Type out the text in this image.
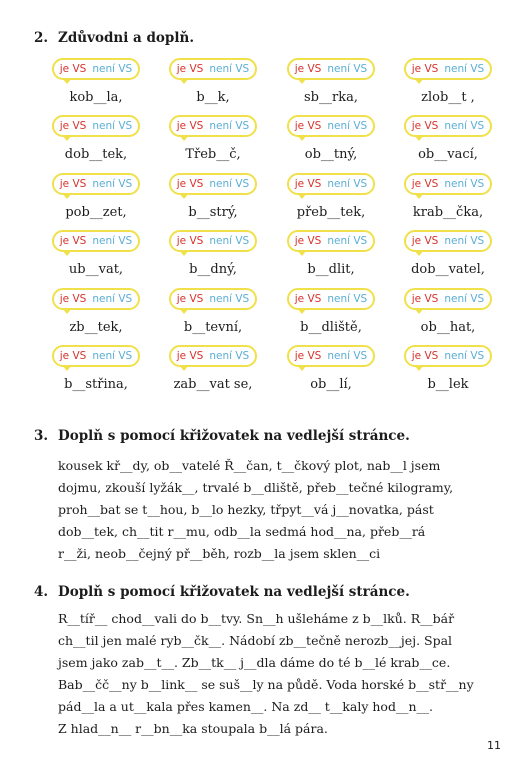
2. Zdůvodni a doplň.
je VS není VS
kob__la,
je VS není VS
b__k,
je VS není VS
sb__rka,
je VS není VS
zlob__t ,
je VS není VS
dob__tek,
je VS není VS
Třeb__č,
je VS není VS
ob__tný,
je VS není VS
ob__vací,
je VS není VS
pob__zet,
je VS není VS
b__strý,
je VS není VS
přeb__tek,
je VS není VS
krab__čka,
je VS není VS
ub__vat,
je VS není VS
b__dný,
je VS není VS
b__dlit,
je VS není VS
dob__vatel,
je VS není VS
zb__tek,
je VS není VS
b__tevní,
je VS není VS
b__dliště,
je VS není VS
ob__hat,
je VS není VS
b__střina,
je VS není VS
zab__vat se,
je VS není VS
ob__lí,
je VS není VS
b__lek
3. Doplň s pomocí křižovatek na vedlejší stránce.
kousek kř__dy, ob__vatelé Ř__čan, t__čkový plot, nab__l jsem
dojmu, zkouší lyžák__, trvalé b__dliště, přeb__tečné kilogramy,
proh__bat se t__hou, b__lo hezky, třpyt__vá j__novatka, pást
dob__tek, ch__tit r__mu, odb__la sedmá hod__na, přeb__rá
r__ži, neob__čejný př__běh, rozb__la jsem sklen__ci
4. Doplň s pomocí křižovatek na vedlejší stránce.
R__tíř__ chod__vali do b__tvy. Sn__h ušleháme z b__lků. R__bář
ch__til jen malé ryb__čk__. Nádobí zb__tečně nerozb__jej. Spal
jsem jako zab__t__. Zb__tk__ j__dla dáme do té b__lé krab__ce.
Bab__čč__ny b__link__ se suš__ly na půdě. Voda horské b__stř__ny
pád__la a ut__kala přes kamen__. Na zd__ t__kaly hod__n__.
Z hlad__n__ r__bn__ka stoupala b__lá pára.
11
